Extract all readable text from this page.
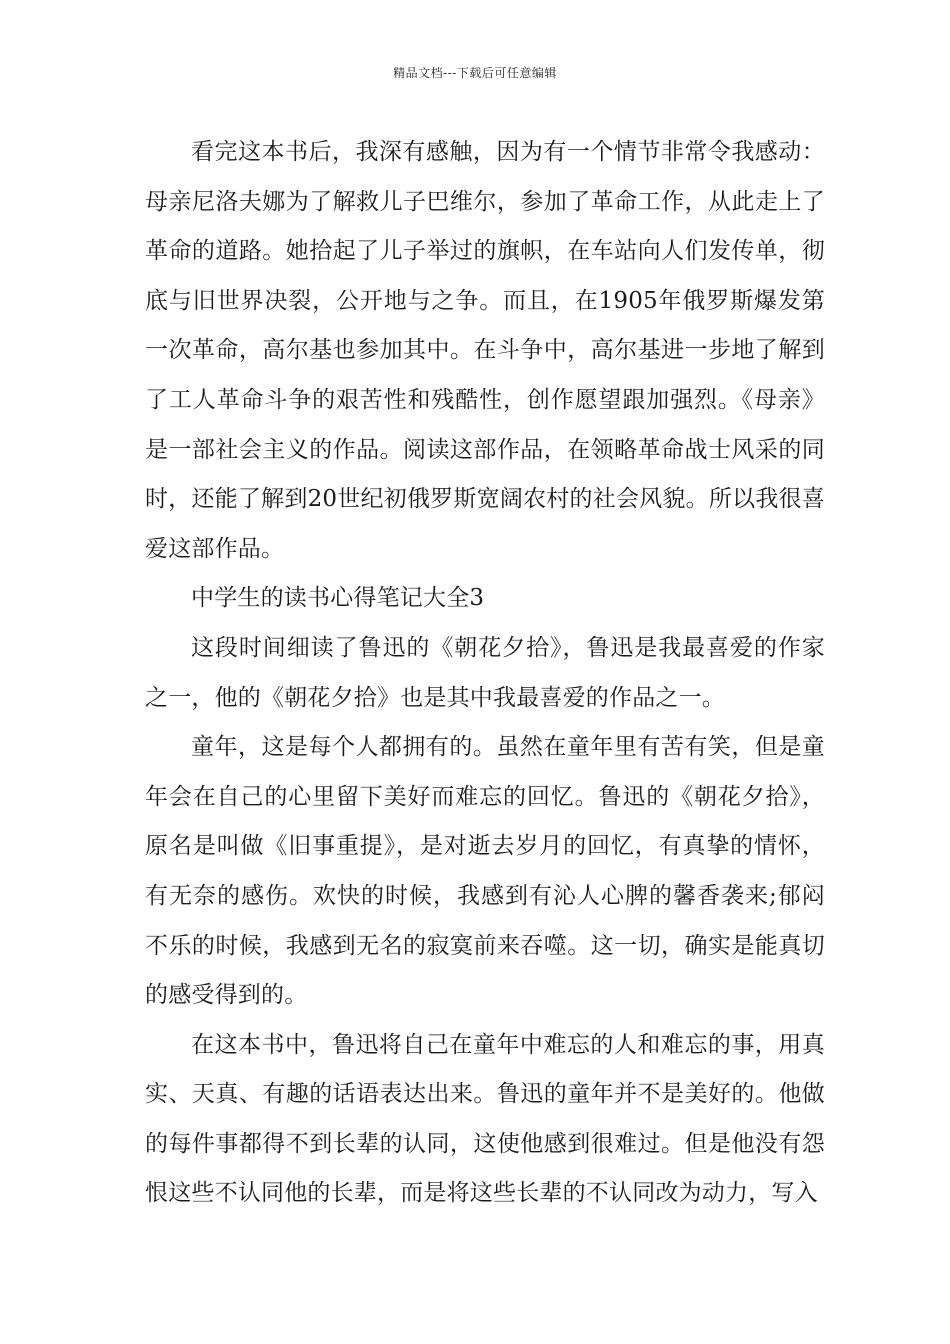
精品文档---下载后可任意编辑

看完这本书后，我深有感触，因为有一个情节非常令我感动：母亲尼洛夫娜为了解救儿子巴维尔，参加了革命工作，从此走上了革命的道路。她拾起了儿子举过的旗帜，在车站向人们发传单，彻底与旧世界决裂，公开地与之争。而且，在1905年俄罗斯爆发第一次革命，高尔基也参加其中。在斗争中，高尔基进一步地了解到了工人革命斗争的艰苦性和残酷性，创作愿望跟加强烈。《母亲》是一部社会主义的作品。阅读这部作品，在领略革命战士风采的同时，还能了解到20世纪初俄罗斯宽阔农村的社会风貌。所以我很喜爱这部作品。

中学生的读书心得笔记大全3

这段时间细读了鲁迅的《朝花夕拾》，鲁迅是我最喜爱的作家之一，他的《朝花夕拾》也是其中我最喜爱的作品之一。

童年，这是每个人都拥有的。虽然在童年里有苦有笑，但是童年会在自己的心里留下美好而难忘的回忆。鲁迅的《朝花夕拾》，原名是叫做《旧事重提》，是对逝去岁月的回忆，有真挚的情怀，有无奈的感伤。欢快的时候，我感到有沁人心脾的馨香袭来;郁闷不乐的时候，我感到无名的寂寞前来吞噬。这一切，确实是能真切的感受得到的。

在这本书中，鲁迅将自己在童年中难忘的人和难忘的事，用真实、天真、有趣的话语表达出来。鲁迅的童年并不是美好的。他做的每件事都得不到长辈的认同，这使他感到很难过。但是他没有怨恨这些不认同他的长辈，而是将这些长辈的不认同改为动力，写入
